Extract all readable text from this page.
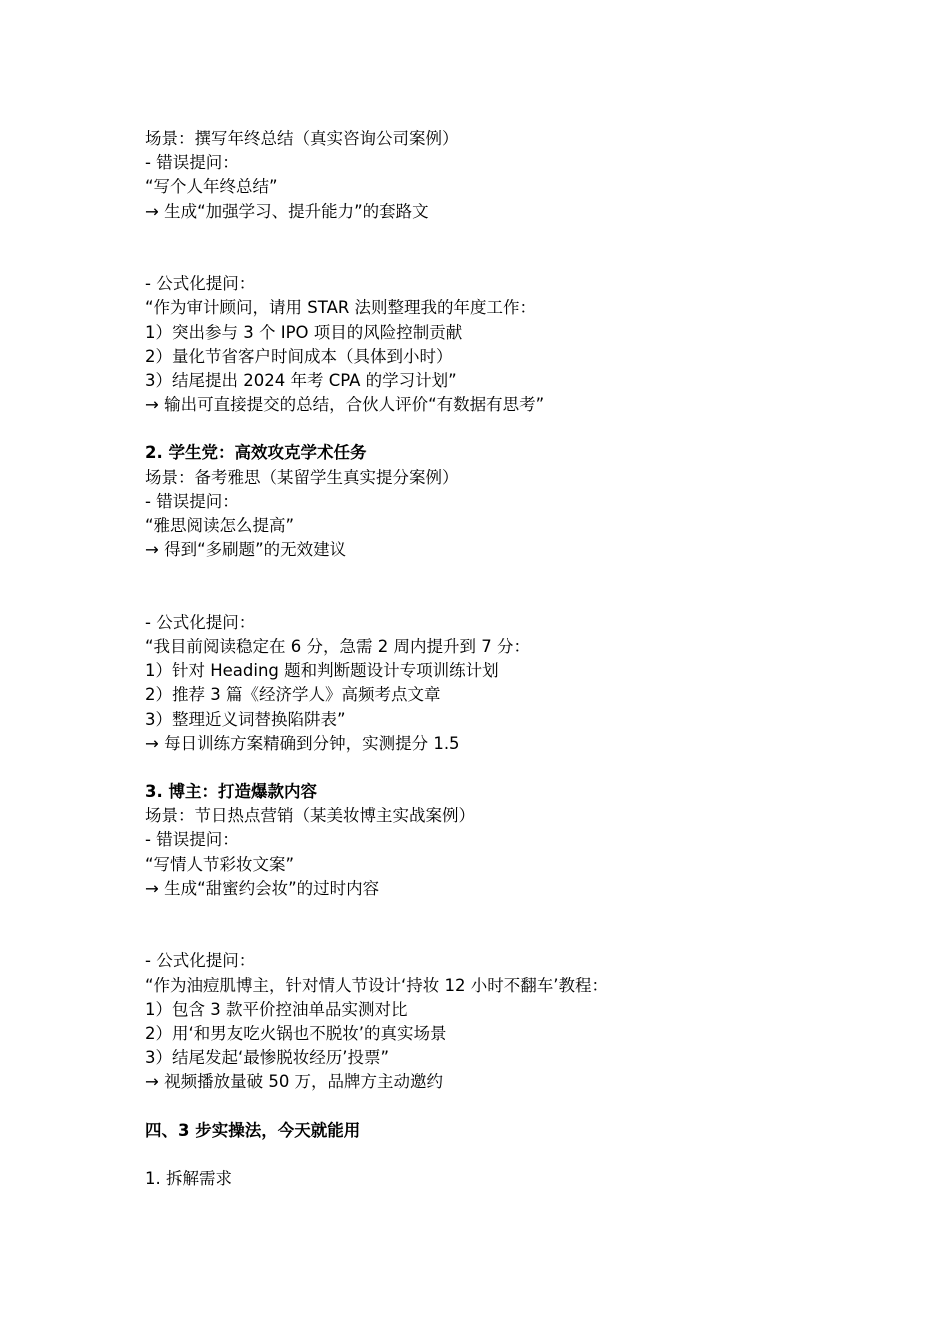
场景：撰写年终总结（真实咨询公司案例）
- 错误提问：
“写个人年终总结”
→ 生成“加强学习、提升能力”的套路文
- 公式化提问：
“作为审计顾问，请用 STAR 法则整理我的年度工作：
1）突出参与 3 个 IPO 项目的风险控制贡献
2）量化节省客户时间成本（具体到小时）
3）结尾提出 2024 年考 CPA 的学习计划”
→ 输出可直接提交的总结，合伙人评价“有数据有思考”
2. 学生党：高效攻克学术任务
场景：备考雅思（某留学生真实提分案例）
- 错误提问：
“雅思阅读怎么提高”
→ 得到“多刷题”的无效建议
- 公式化提问：
“我目前阅读稳定在 6 分，急需 2 周内提升到 7 分：
1）针对 Heading 题和判断题设计专项训练计划
2）推荐 3 篇《经济学人》高频考点文章
3）整理近义词替换陷阱表”
→ 每日训练方案精确到分钟，实测提分 1.5
3. 博主：打造爆款内容
场景：节日热点营销（某美妆博主实战案例）
- 错误提问：
“写情人节彩妆文案”
→ 生成“甜蜜约会妆”的过时内容
- 公式化提问：
“作为油痘肌博主，针对情人节设计‘持妆 12 小时不翻车’教程：
1）包含 3 款平价控油单品实测对比
2）用‘和男友吃火锅也不脱妆’的真实场景
3）结尾发起‘最惨脱妆经历’投票”
→ 视频播放量破 50 万，品牌方主动邀约
四、3 步实操法，今天就能用
1. 拆解需求
